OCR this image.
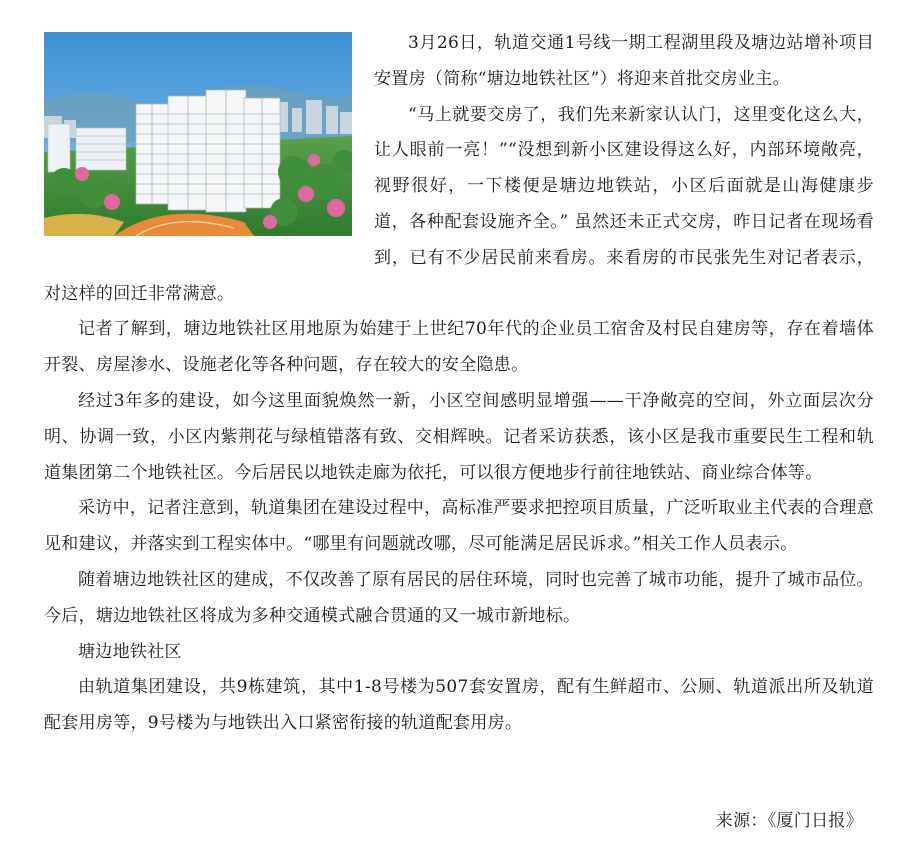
3月26日，轨道交通1号线一期工程湖里段及塘边站增补项目安置房（简称“塘边地铁社区”）将迎来首批交房业主。

“马上就要交房了，我们先来新家认认门，这里变化这么大，让人眼前一亮！”“没想到新小区建设得这么好，内部环境敞亮，视野很好，一下楼便是塘边地铁站，小区后面就是山海健康步道，各种配套设施齐全。” 虽然还未正式交房，昨日记者在现场看到，已有不少居民前来看房。来看房的市民张先生对记者表示，对这样的回迁非常满意。

记者了解到，塘边地铁社区用地原为始建于上世纪70年代的企业员工宿舍及村民自建房等，存在着墙体开裂、房屋渗水、设施老化等各种问题，存在较大的安全隐患。

经过3年多的建设，如今这里面貌焕然一新，小区空间感明显增强——干净敞亮的空间，外立面层次分明、协调一致，小区内紫荆花与绿植错落有致、交相辉映。记者采访获悉，该小区是我市重要民生工程和轨道集团第二个地铁社区。今后居民以地铁走廊为依托，可以很方便地步行前往地铁站、商业综合体等。

采访中，记者注意到，轨道集团在建设过程中，高标准严要求把控项目质量，广泛听取业主代表的合理意见和建议，并落实到工程实体中。“哪里有问题就改哪，尽可能满足居民诉求。”相关工作人员表示。

随着塘边地铁社区的建成，不仅改善了原有居民的居住环境，同时也完善了城市功能，提升了城市品位。今后，塘边地铁社区将成为多种交通模式融合贯通的又一城市新地标。

塘边地铁社区

由轨道集团建设，共9栋建筑，其中1-8号楼为507套安置房，配有生鲜超市、公厕、轨道派出所及轨道配套用房等，9号楼为与地铁出入口紧密衔接的轨道配套用房。

来源：《厦门日报》
